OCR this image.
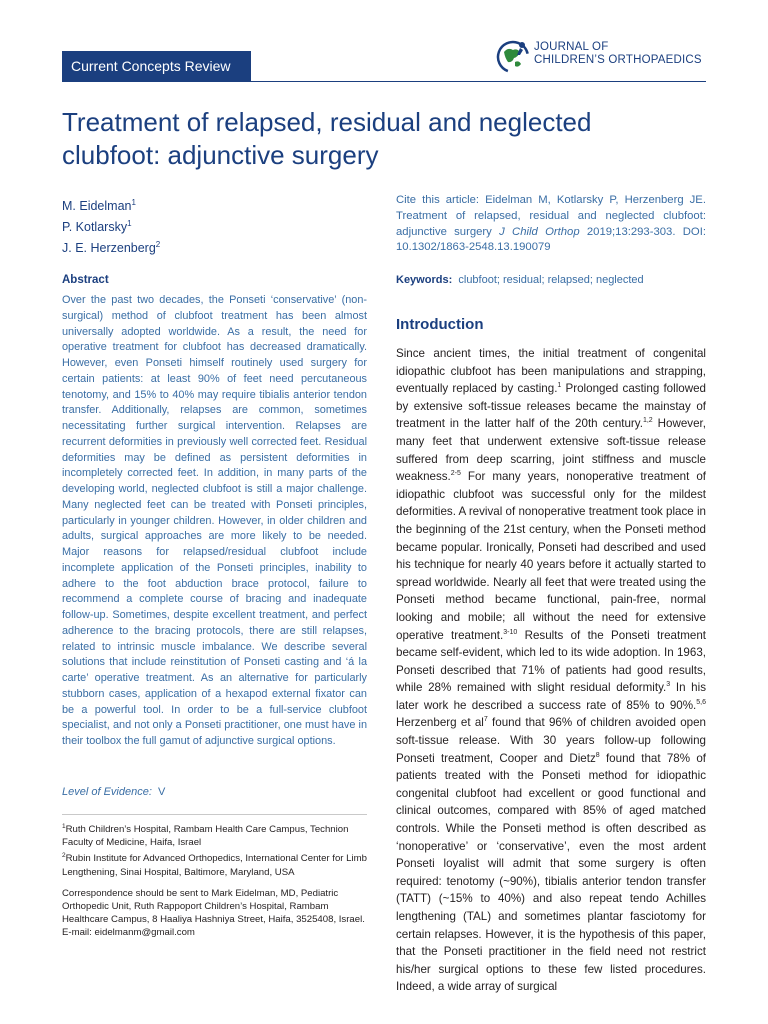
Current Concepts Review
JOURNAL OF
CHILDREN’S ORTHOPAEDICS
Treatment of relapsed, residual and neglected clubfoot: adjunctive surgery
M. Eidelman$^1$
P. Kotlarsky$^1$
J. E. Herzenberg$^2$
Cite this article: Eidelman M, Kotlarsky P, Herzenberg JE. Treatment of relapsed, residual and neglected clubfoot: adjunctive surgery J Child Orthop 2019;13:293-303. DOI: 10.1302/1863-2548.13.190079
Keywords: clubfoot; residual; relapsed; neglected
Abstract
Over the past two decades, the Ponseti ‘conservative’ (non-surgical) method of clubfoot treatment has been almost universally adopted worldwide. As a result, the need for operative treatment for clubfoot has decreased dramatically. However, even Ponseti himself routinely used surgery for certain patients: at least 90% of feet need percutaneous tenotomy, and 15% to 40% may require tibialis anterior tendon transfer. Additionally, relapses are common, sometimes necessitating further surgical intervention. Relapses are recurrent deformities in previously well corrected feet. Residual deformities may be defined as persistent deformities in incompletely corrected feet. In addition, in many parts of the developing world, neglected clubfoot is still a major challenge. Many neglected feet can be treated with Ponseti principles, particularly in younger children. However, in older children and adults, surgical approaches are more likely to be needed. Major reasons for relapsed/residual clubfoot include incomplete application of the Ponseti principles, inability to adhere to the foot abduction brace protocol, failure to recommend a complete course of bracing and inadequate follow-up. Sometimes, despite excellent treatment, and perfect adherence to the bracing protocols, there are still relapses, related to intrinsic muscle imbalance. We describe several solutions that include reinstitution of Ponseti casting and ‘á la carte’ operative treatment. As an alternative for particularly stubborn cases, application of a hexapod external fixator can be a powerful tool. In order to be a full-service clubfoot specialist, and not only a Ponseti practitioner, one must have in their toolbox the full gamut of adjunctive surgical options.
Level of Evidence: V

$^1$Ruth Children’s Hospital, Rambam Health Care Campus, Technion Faculty of Medicine, Haifa, Israel

$^2$Rubin Institute for Advanced Orthopedics, International Center for Limb Lengthening, Sinai Hospital, Baltimore, Maryland, USA

Correspondence should be sent to Mark Eidelman, MD, Pediatric Orthopedic Unit, Ruth Rappoport Children’s Hospital, Rambam Healthcare Campus, 8 Haaliya Hashniya Street, Haifa, 3525408, Israel.

E-mail: eidelmanm@gmail.com

Introduction
Since ancient times, the initial treatment of congenital idiopathic clubfoot has been manipulations and strapping, eventually replaced by casting.$^1$ Prolonged casting followed by extensive soft-tissue releases became the mainstay of treatment in the latter half of the 20th century.$^{1,2}$ However, many feet that underwent extensive soft-tissue release suffered from deep scarring, joint stiffness and muscle weakness.$^{2-5}$ For many years, nonoperative treatment of idiopathic clubfoot was successful only for the mildest deformities. A revival of nonoperative treatment took place in the beginning of the 21st century, when the Ponseti method became popular. Ironically, Ponseti had described and used his technique for nearly 40 years before it actually started to spread worldwide. Nearly all feet that were treated using the Ponseti method became functional, pain-free, normal looking and mobile; all without the need for extensive operative treatment.$^{3-10}$ Results of the Ponseti treatment became self-evident, which led to its wide adoption. In 1963, Ponseti described that 71% of patients had good results, while 28% remained with slight residual deformity.$^3$ In his later work he described a success rate of 85% to 90%.$^{5,6}$ Herzenberg et $al^7$ found that 96% of children avoided open soft-tissue release. With 30 years follow-up following Ponseti treatment, Cooper and Dietz$^8$ found that 78% of patients treated with the Ponseti method for idiopathic congenital clubfoot had excellent or good functional and clinical outcomes, compared with 85% of aged matched controls. While the Ponseti method is often described as ‘nonoperative’ or ‘conservative’, even the most ardent Ponseti loyalist will admit that some surgery is often required: tenotomy (~90%), tibialis anterior tendon transfer (TATT) (~15% to 40%) and also repeat tendo Achilles lengthening (TAL) and sometimes plantar fasciotomy for certain relapses. However, it is the hypothesis of this paper, that the Ponseti practitioner in the field need not restrict his/her surgical options to these few listed procedures. Indeed, a wide array of surgical
